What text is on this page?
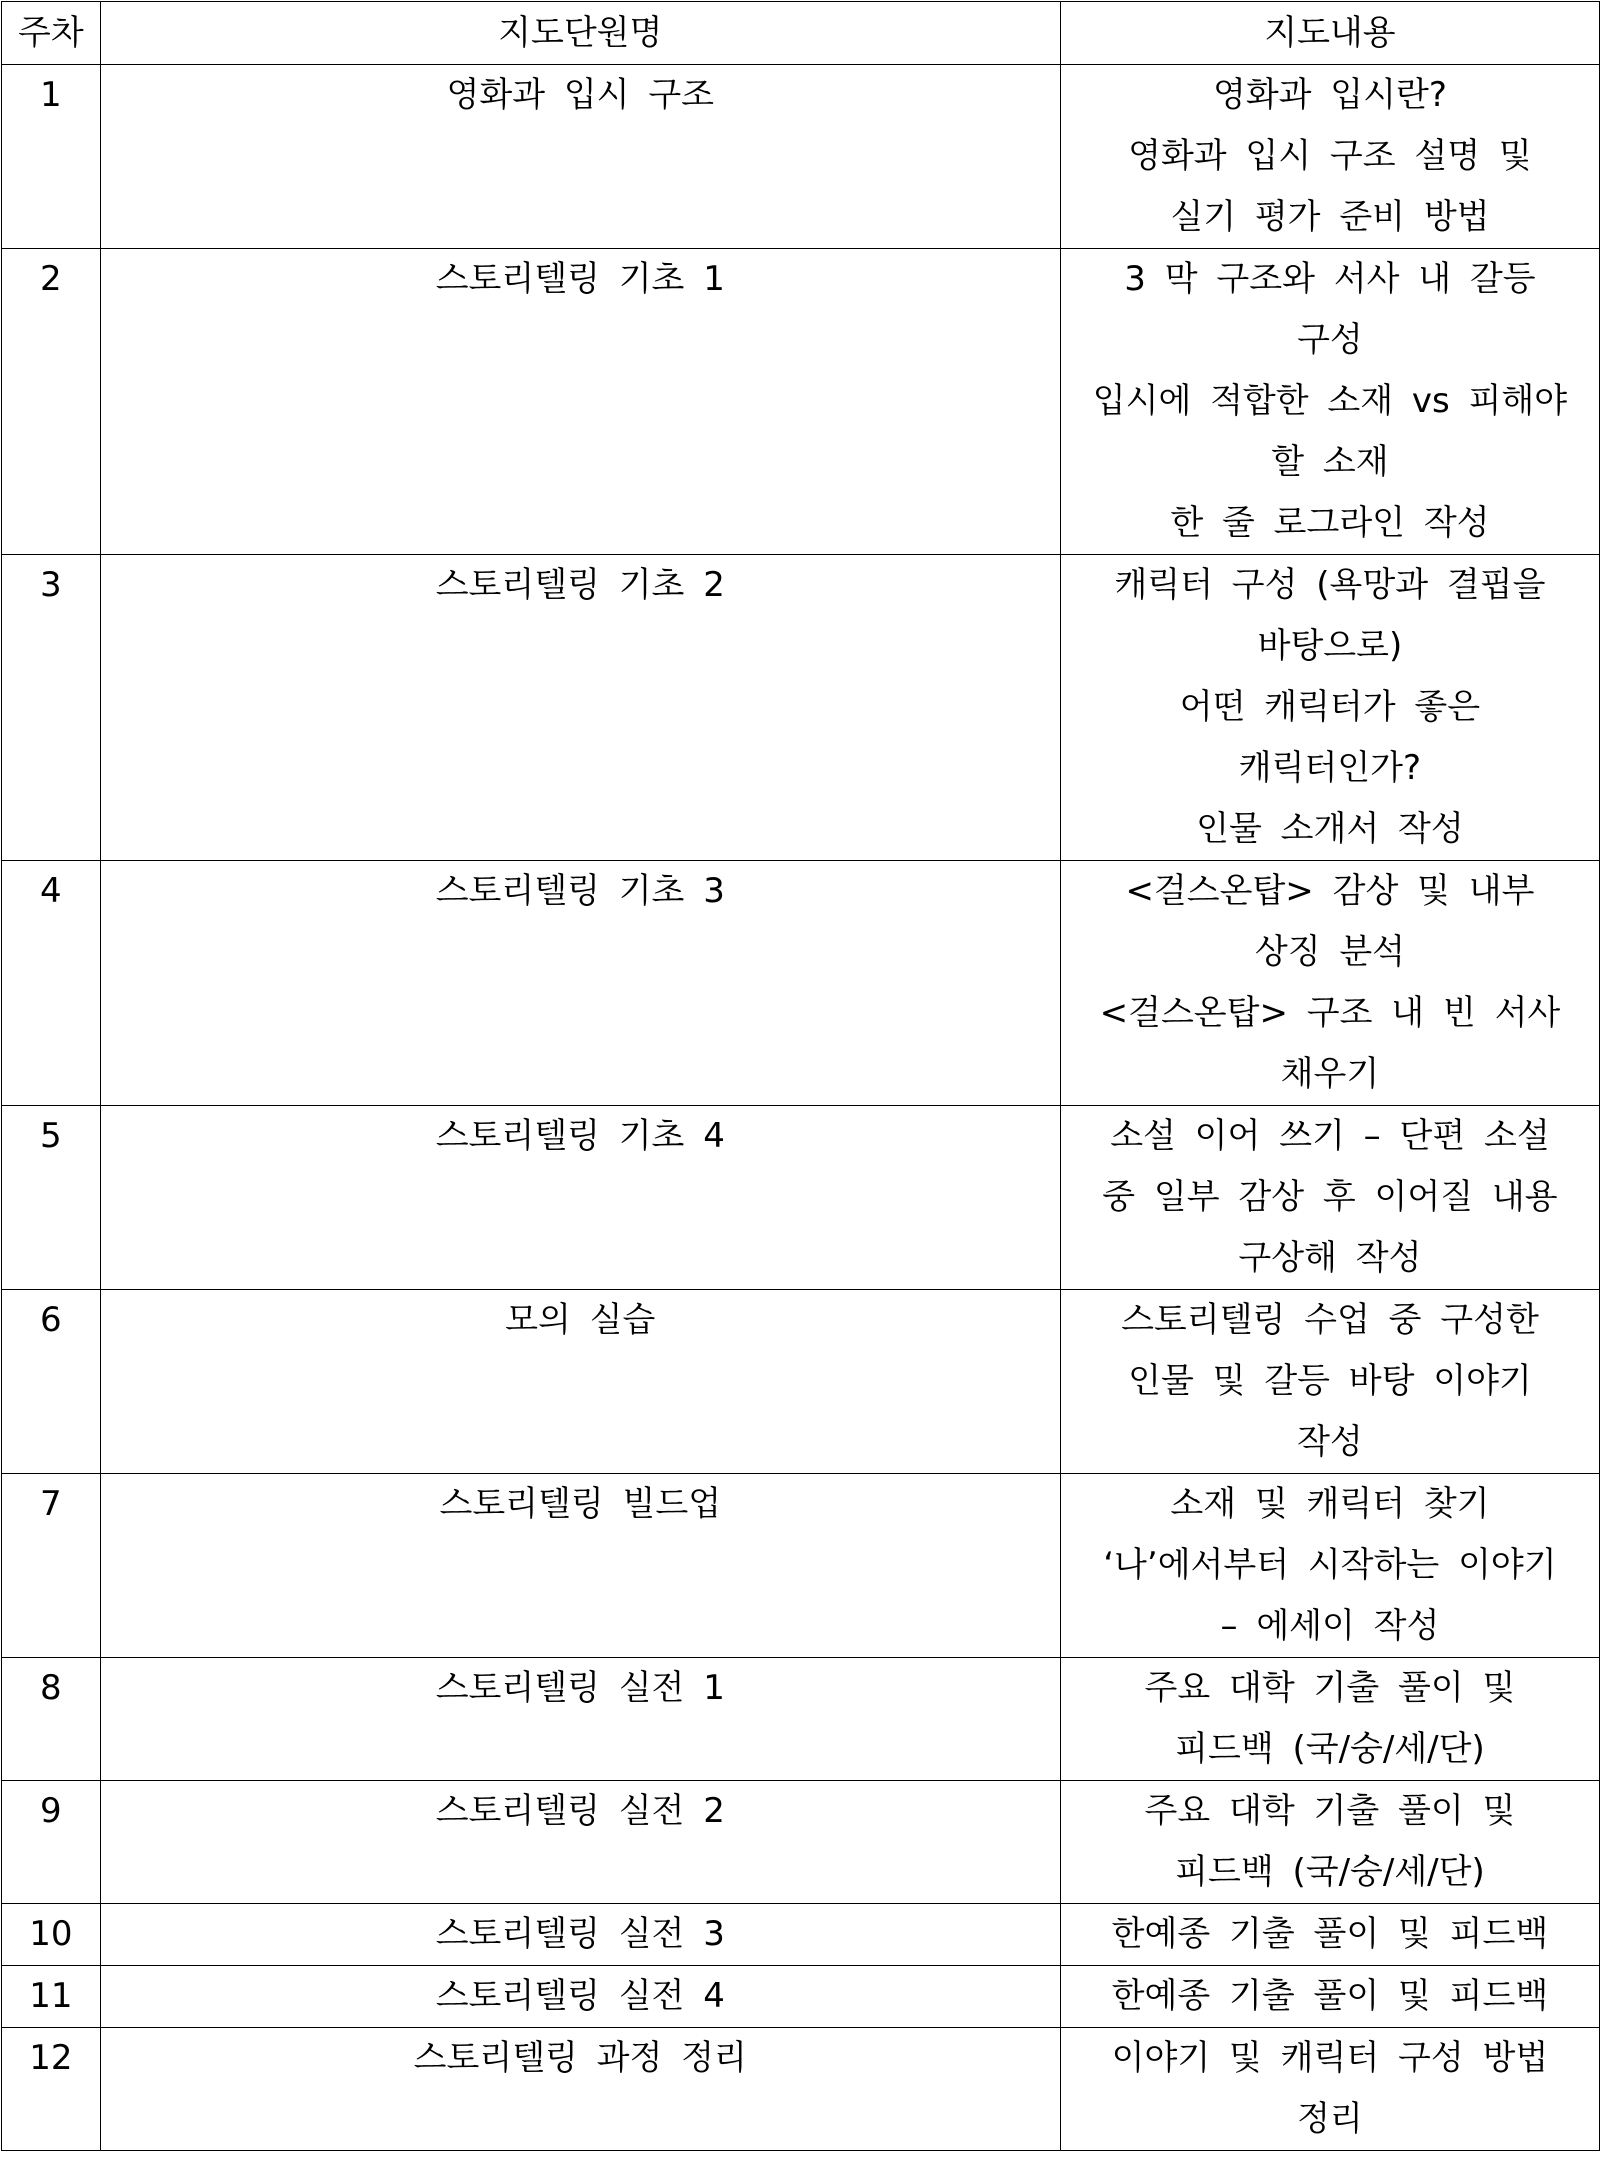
주차	지도단원명	지도내용
1	영화과 입시 구조	영화과 입시란?
영화과 입시 구조 설명 및
실기 평가 준비 방법

2	스토리텔링 기초 1	3 막 구조와 서사 내 갈등
구성
입시에 적합한 소재 vs 피해야
할 소재
한 줄 로그라인 작성

3	스토리텔링 기초 2	캐릭터 구성 (욕망과 결핍을
바탕으로)
어떤 캐릭터가 좋은
캐릭터인가?
인물 소개서 작성

4	스토리텔링 기초 3	<걸스온탑> 감상 및 내부
상징 분석
<걸스온탑> 구조 내 빈 서사
채우기

5	스토리텔링 기초 4	소설 이어 쓰기 – 단편 소설
중 일부 감상 후 이어질 내용
구상해 작성

6	모의 실습	스토리텔링 수업 중 구성한
인물 및 갈등 바탕 이야기
작성

7	스토리텔링 빌드업	소재 및 캐릭터 찾기
‘나’에서부터 시작하는 이야기
– 에세이 작성

8	스토리텔링 실전 1	주요 대학 기출 풀이 및
피드백 (국/숭/세/단)

9	스토리텔링 실전 2	주요 대학 기출 풀이 및
피드백 (국/숭/세/단)

10	스토리텔링 실전 3	한예종 기출 풀이 및 피드백

11	스토리텔링 실전 4	한예종 기출 풀이 및 피드백

12	스토리텔링 과정 정리	이야기 및 캐릭터 구성 방법
정리
